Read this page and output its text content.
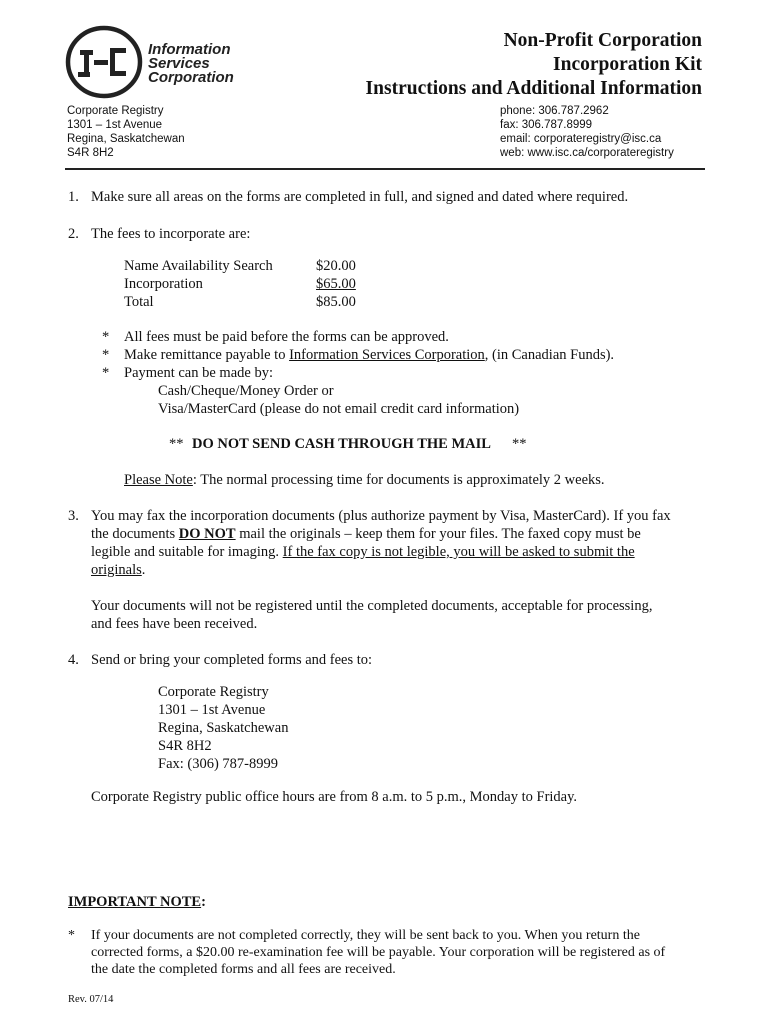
Information
Services
Corporation
Non-Profit Corporation
Incorporation Kit
Instructions and Additional Information
Corporate Registry
1301 – 1st Avenue
Regina, Saskatchewan
S4R 8H2
phone: 306.787.2962
fax: 306.787.8999
email: corporateregistry@isc.ca
web: www.isc.ca/corporateregistry
1. Make sure all areas on the forms are completed in full, and signed and dated where required.
2. The fees to incorporate are:
Name Availability Search	$20.00
Incorporation	$65.00
Total	$85.00
* All fees must be paid before the forms can be approved.
* Make remittance payable to Information Services Corporation, (in Canadian Funds).
* Payment can be made by:
Cash/Cheque/Money Order or
Visa/MasterCard (please do not email credit card information)
** DO NOT SEND CASH THROUGH THE MAIL **
Please Note: The normal processing time for documents is approximately 2 weeks.
3. You may fax the incorporation documents (plus authorize payment by Visa, MasterCard). If you fax
the documents DO NOT mail the originals – keep them for your files. The faxed copy must be
legible and suitable for imaging. If the fax copy is not legible, you will be asked to submit the
originals.
Your documents will not be registered until the completed documents, acceptable for processing,
and fees have been received.
4. Send or bring your completed forms and fees to:
Corporate Registry
1301 – 1st Avenue
Regina, Saskatchewan
S4R 8H2
Fax: (306) 787-8999
Corporate Registry public office hours are from 8 a.m. to 5 p.m., Monday to Friday.
IMPORTANT NOTE:
* If your documents are not completed correctly, they will be sent back to you. When you return the
corrected forms, a $20.00 re-examination fee will be payable. Your corporation will be registered as of
the date the completed forms and all fees are received.
Rev. 07/14
